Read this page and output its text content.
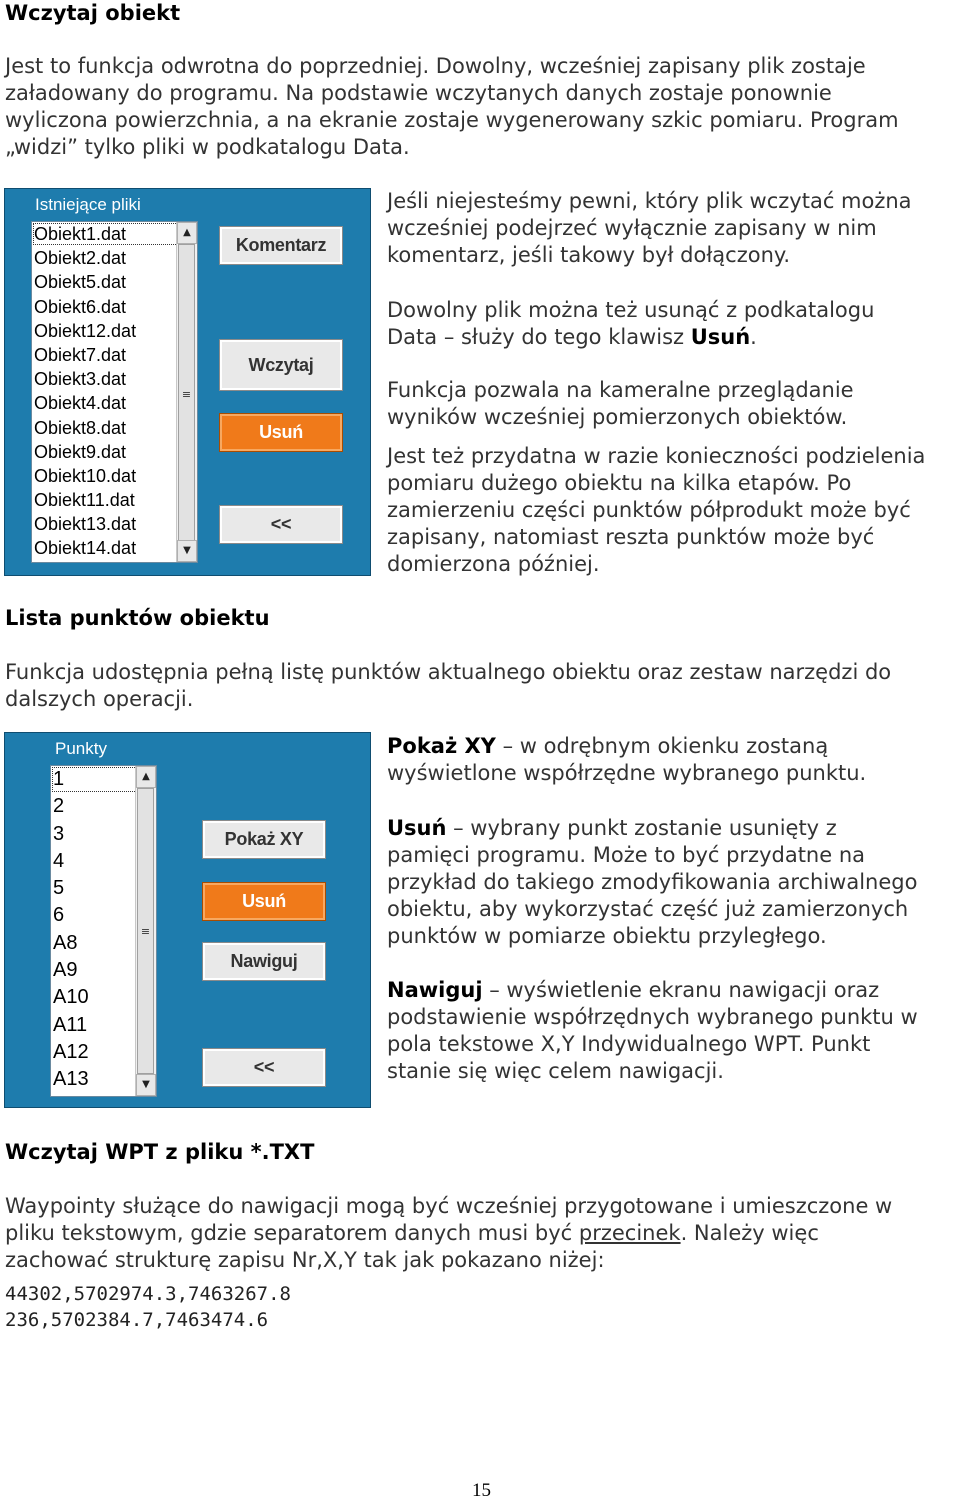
Wczytaj obiekt
Jest to funkcja odwrotna do poprzedniej. Dowolny, wcześniej zapisany plik zostaje
załadowany do programu. Na podstawie wczytanych danych zostaje ponownie
wyliczona powierzchnia, a na ekranie zostaje wygenerowany szkic pomiaru. Program
„widzi” tylko pliki w podkatalogu Data.
Istniejące pliki
Obiekt1.dat
Obiekt2.dat
Obiekt5.dat
Obiekt6.dat
Obiekt12.dat
Obiekt7.dat
Obiekt3.dat
Obiekt4.dat
Obiekt8.dat
Obiekt9.dat
Obiekt10.dat
Obiekt11.dat
Obiekt13.dat
Obiekt14.dat
▲
≡
▼
Komentarz
Wczytaj
Usuń
<<
Jeśli niejesteśmy pewni, który plik wczytać można
wcześniej podejrzeć wyłącznie zapisany w nim
komentarz, jeśli takowy był dołączony.
Dowolny plik można też usunąć z podkatalogu
Data – służy do tego klawisz Usuń.
Funkcja pozwala na kameralne przeglądanie
wyników wcześniej pomierzonych obiektów.
Jest też przydatna w razie konieczności podzielenia
pomiaru dużego obiektu na kilka etapów. Po
zamierzeniu części punktów półprodukt może być
zapisany, natomiast reszta punktów może być
domierzona później.
Lista punktów obiektu
Funkcja udostępnia pełną listę punktów aktualnego obiektu oraz zestaw narzędzi do
dalszych operacji.
Punkty
1
2
3
4
5
6
A8
A9
A10
A11
A12
A13
▲
≡
▼
Pokaż XY
Usuń
Nawiguj
<<
Pokaż XY – w odrębnym okienku zostaną
wyświetlone współrzędne wybranego punktu.
Usuń – wybrany punkt zostanie usunięty z
pamięci programu. Może to być przydatne na
przykład do takiego zmodyfikowania archiwalnego
obiektu, aby wykorzystać część już zamierzonych
punktów w pomiarze obiektu przyległego.
Nawiguj – wyświetlenie ekranu nawigacji oraz
podstawienie współrzędnych wybranego punktu w
pola tekstowe X,Y Indywidualnego WPT. Punkt
stanie się więc celem nawigacji.
Wczytaj WPT z pliku *.TXT
Waypointy służące do nawigacji mogą być wcześniej przygotowane i umieszczone w
pliku tekstowym, gdzie separatorem danych musi być przecinek. Należy więc
zachować strukturę zapisu Nr,X,Y tak jak pokazano niżej:
44302,5702974.3,7463267.8
236,5702384.7,7463474.6
15
